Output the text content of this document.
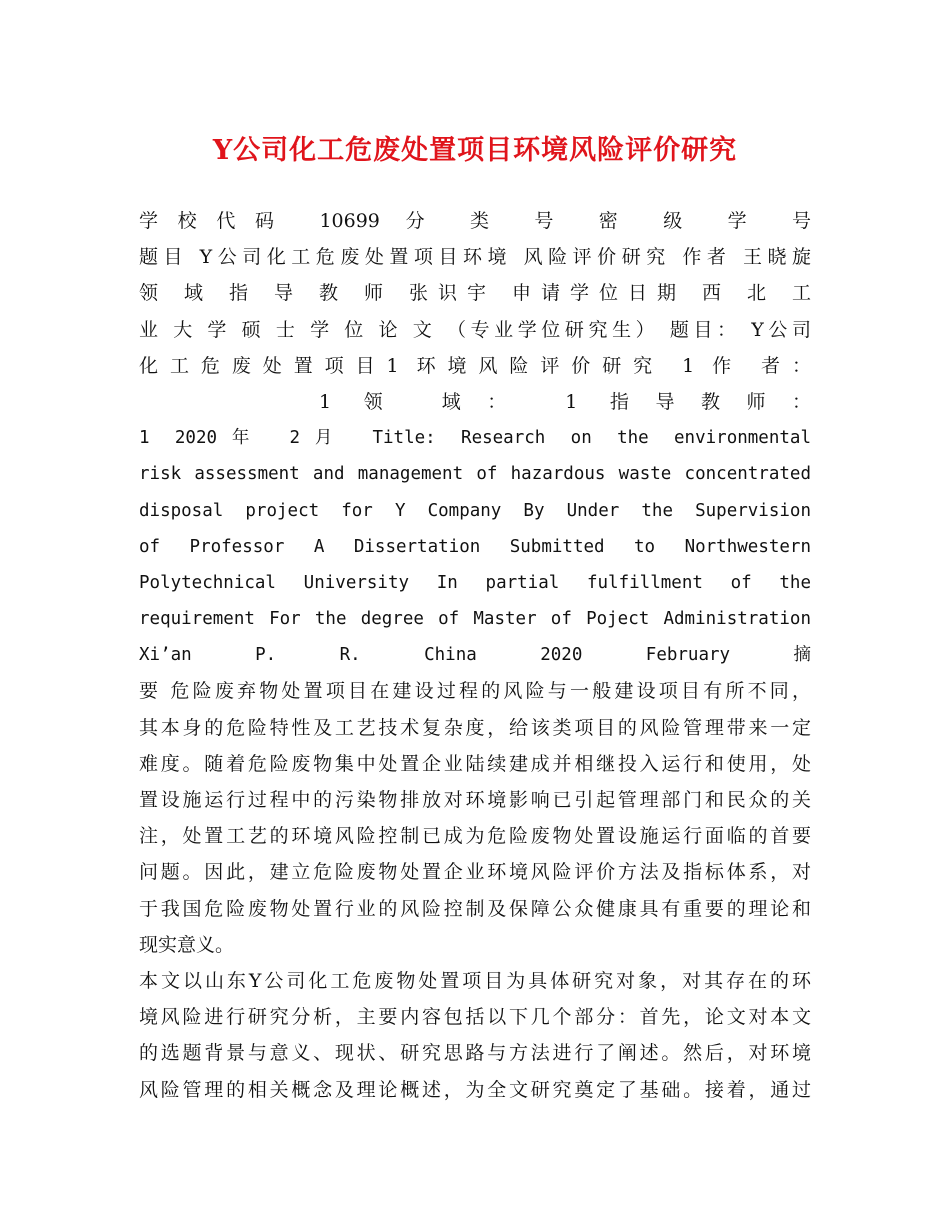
Y公司化工危废处置项目环境风险评价研究
学校代码 10699 分 类 号 密 级 学 号
题目 Y公司化工危废处置项目环境 风险评价研究 作者 王晓旋
领 域 指 导 教 师 张识宇 申请学位日期 西 北 工
业 大 学 硕 士 学 位 论 文 （专业学位研究生） 题目： Y公司
化工危废处置项目1 环境风险评价研究 1 作 者：
1 领 域： 1 指导教师：
1 2020年 2月 Title: Research on the environmental
risk assessment and management of hazardous waste concentrated
disposal project for Y Company By Under the Supervision
of Professor A Dissertation Submitted to Northwestern
Polytechnical University In partial fulfillment of the
requirement For the degree of Master of Poject Administration
Xi’an P. R. China 2020 February 摘
要 危险废弃物处置项目在建设过程的风险与一般建设项目有所不同，
其本身的危险特性及工艺技术复杂度，给该类项目的风险管理带来一定
难度。随着危险废物集中处置企业陆续建成并相继投入运行和使用，处
置设施运行过程中的污染物排放对环境影响已引起管理部门和民众的关
注，处置工艺的环境风险控制已成为危险废物处置设施运行面临的首要
问题。因此，建立危险废物处置企业环境风险评价方法及指标体系，对
于我国危险废物处置行业的风险控制及保障公众健康具有重要的理论和
现实意义。
本文以山东Y公司化工危废物处置项目为具体研究对象，对其存在的环
境风险进行研究分析，主要内容包括以下几个部分：首先，论文对本文
的选题背景与意义、现状、研究思路与方法进行了阐述。然后，对环境
风险管理的相关概念及理论概述，为全文研究奠定了基础。接着，通过
